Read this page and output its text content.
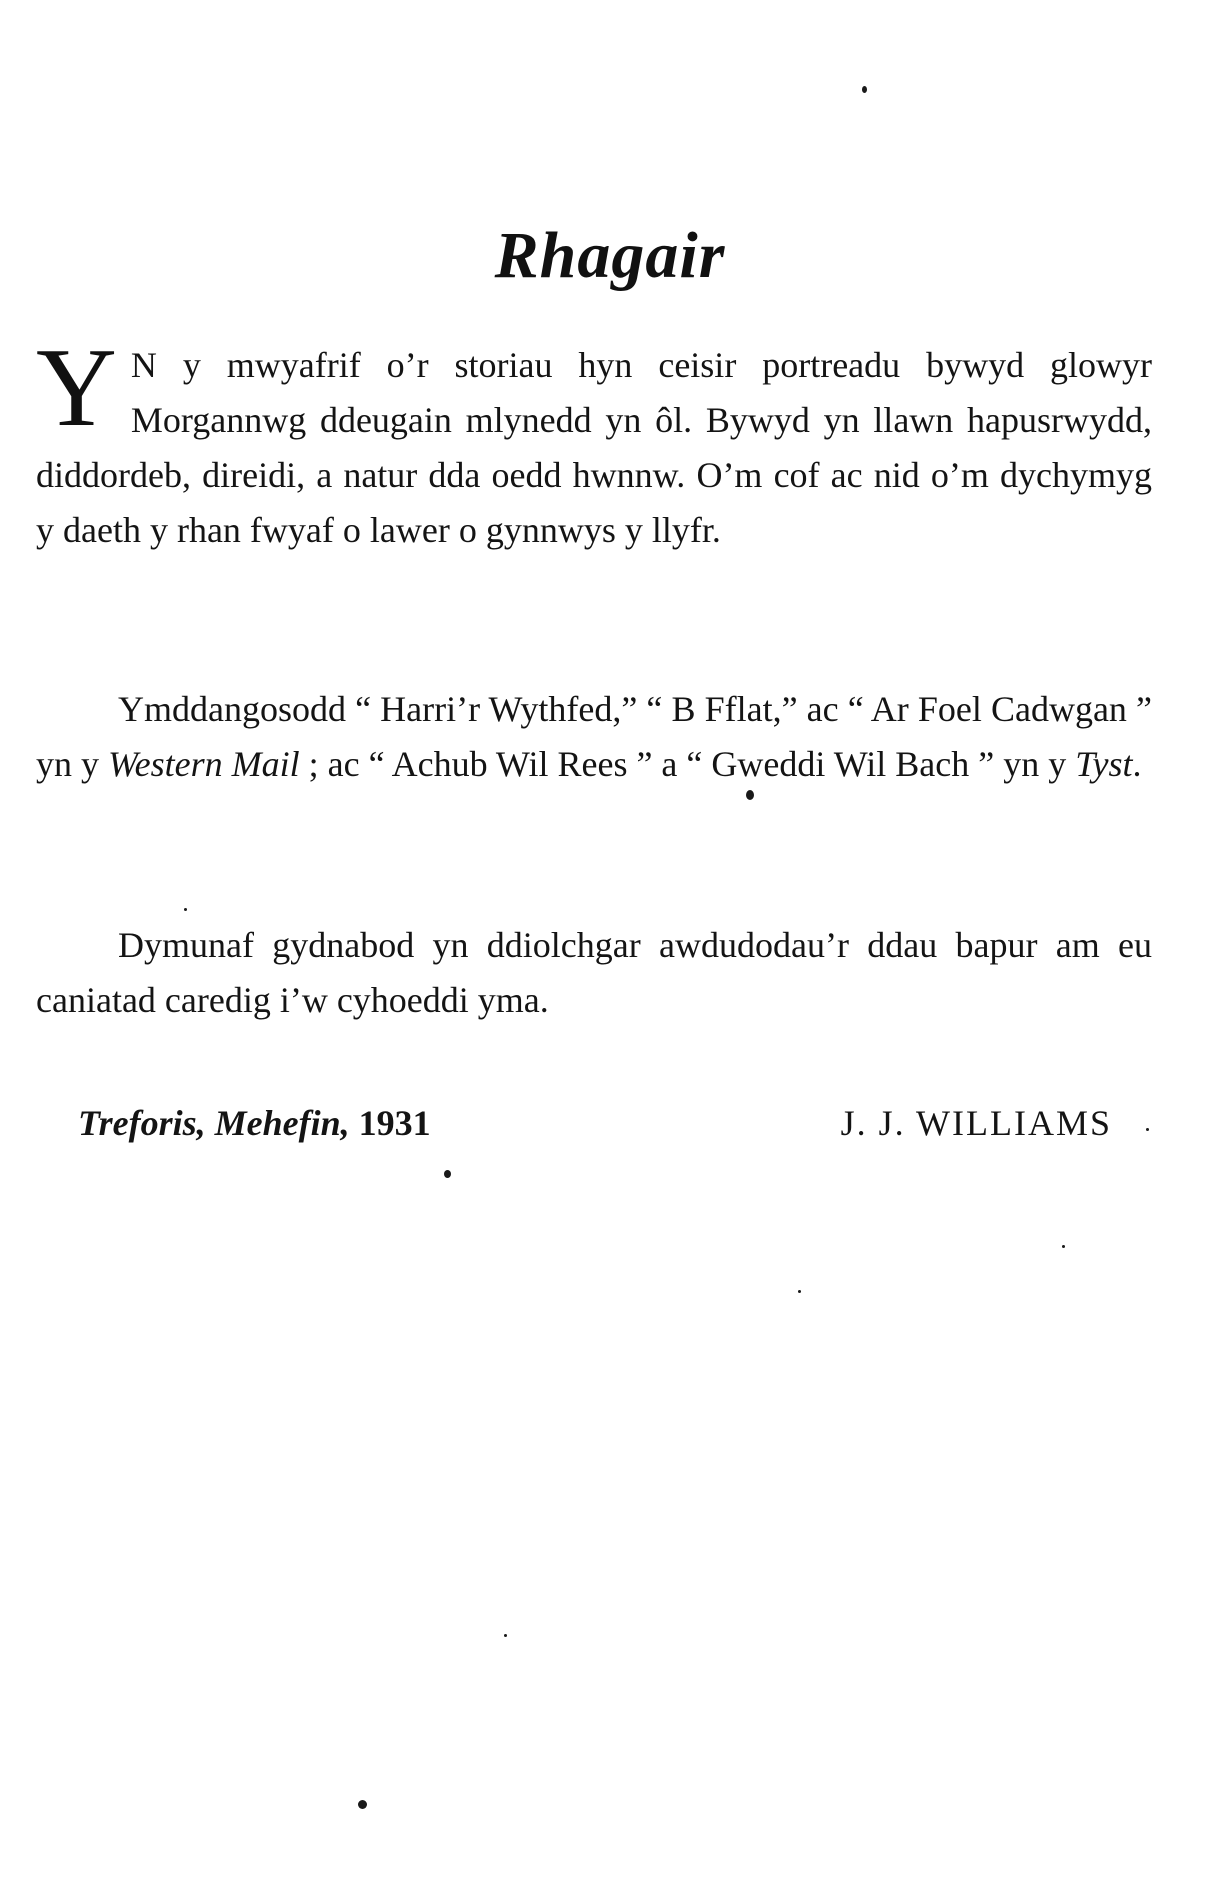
Rhagair

Y N y mwyafrif o’r storiau hyn ceisir portreadu bywyd glowyr Morgannwg ddeugain mlynedd yn ôl. Bywyd yn llawn hapusrwydd, diddordeb, direidi, a natur dda oedd hwnnw. O’m cof ac nid o’m dychymyg y daeth y rhan fwyaf o lawer o gynnwys y llyfr.

Ymddangosodd “ Harri’r Wythfed,” “ B Fflat,” ac “ Ar Foel Cadwgan ” yn y Western Mail ; ac “ Achub Wil Rees ” a “ Gweddi Wil Bach ” yn y Tyst.

Dymunaf gydnabod yn ddiolchgar awdudodau’r ddau bapur am eu caniatad caredig i’w cyhoeddi yma.

Treforis, Mehefin, 1931	J. J. WILLIAMS
